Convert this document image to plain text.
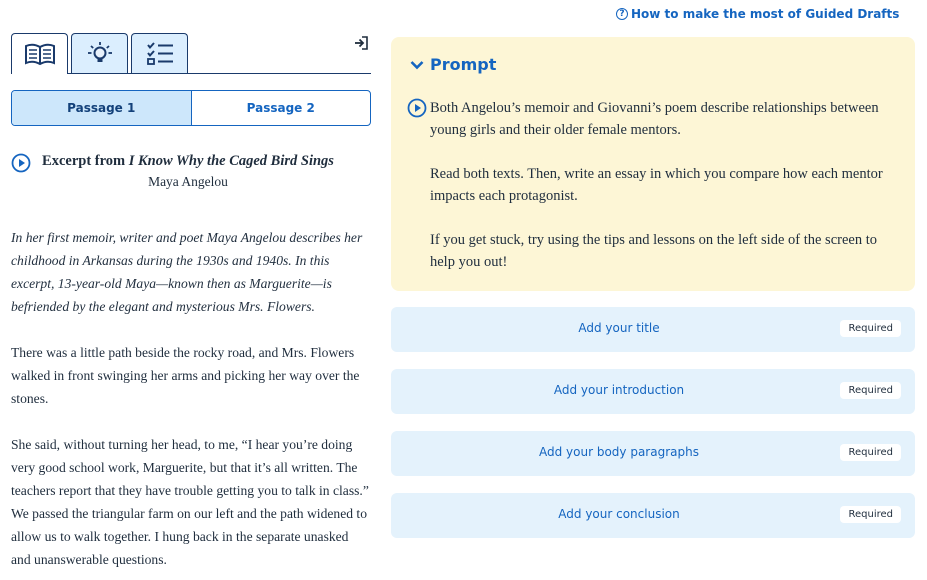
? How to make the most of Guided Drafts
Passage 1	Passage 2
Excerpt from I Know Why the Caged Bird Sings
Maya Angelou

In her first memoir, writer and poet Maya Angelou describes her childhood in Arkansas during the 1930s and 1940s. In this excerpt, 13-year-old Maya—known then as Marguerite—is befriended by the elegant and mysterious Mrs. Flowers.

There was a little path beside the rocky road, and Mrs. Flowers walked in front swinging her arms and picking her way over the stones.

She said, without turning her head, to me, “I hear you’re doing very good school work, Marguerite, but that it’s all written. The teachers report that they have trouble getting you to talk in class.” We passed the triangular farm on our left and the path widened to allow us to walk together. I hung back in the separate unasked and unanswerable questions.

Prompt

Both Angelou’s memoir and Giovanni’s poem describe relationships between young girls and their older female mentors.

Read both texts. Then, write an essay in which you compare how each mentor impacts each protagonist.

If you get stuck, try using the tips and lessons on the left side of the screen to help you out!

Add your title	Required
Add your introduction	Required
Add your body paragraphs	Required
Add your conclusion	Required
